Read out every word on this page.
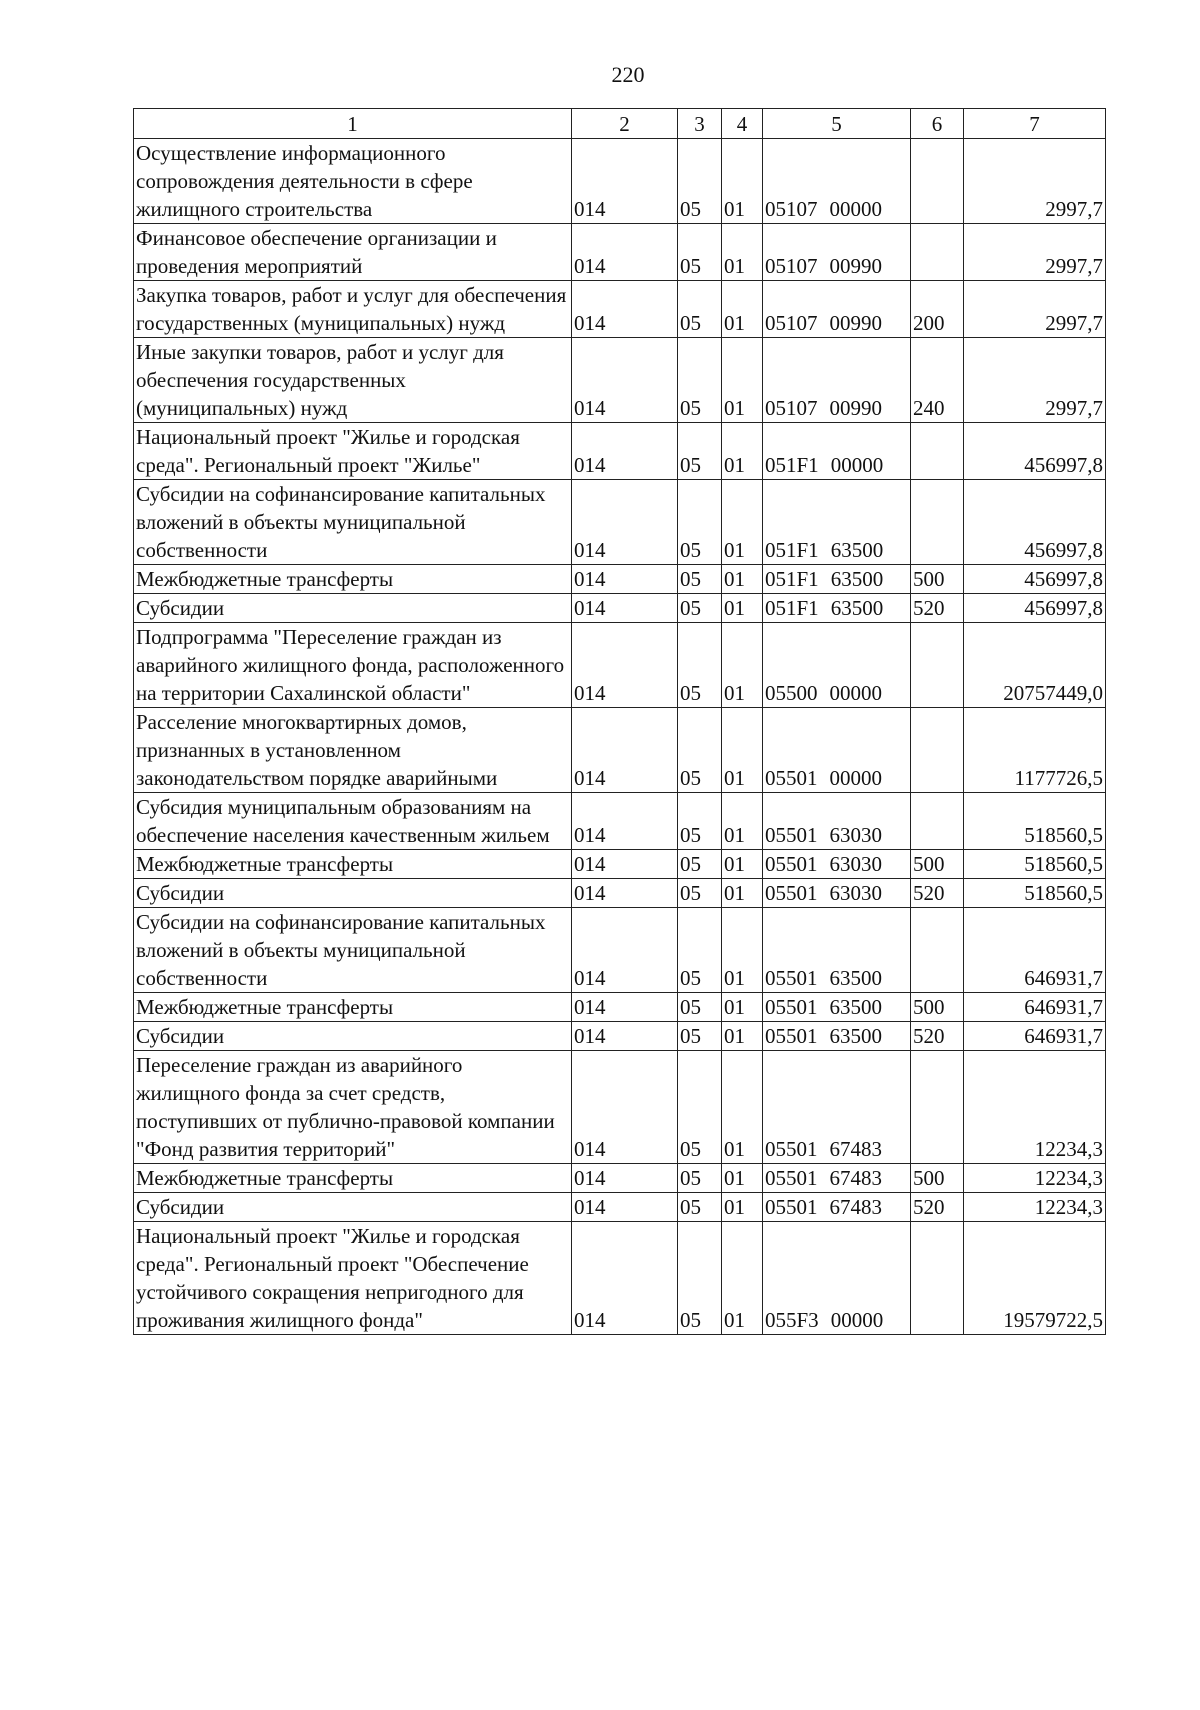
220
1	2	3	4	5	6	7
Осуществление информационного сопровождения деятельности в сфере жилищного строительства	014	05	01	05107 00000		2997,7
Финансовое обеспечение организации и проведения мероприятий	014	05	01	05107 00990		2997,7
Закупка товаров, работ и услуг для обеспечения государственных (муниципальных) нужд	014	05	01	05107 00990	200	2997,7
Иные закупки товаров, работ и услуг для обеспечения государственных (муниципальных) нужд	014	05	01	05107 00990	240	2997,7
Национальный проект "Жилье и городская среда". Региональный проект "Жилье"	014	05	01	051F1 00000		456997,8
Субсидии на софинансирование капитальных вложений в объекты муниципальной собственности	014	05	01	051F1 63500		456997,8
Межбюджетные трансферты	014	05	01	051F1 63500	500	456997,8
Субсидии	014	05	01	051F1 63500	520	456997,8
Подпрограмма "Переселение граждан из аварийного жилищного фонда, расположенного на территории Сахалинской области"	014	05	01	05500 00000		20757449,0
Расселение многоквартирных домов, признанных в установленном законодательством порядке аварийными	014	05	01	05501 00000		1177726,5
Субсидия муниципальным образованиям на обеспечение населения качественным жильем	014	05	01	05501 63030		518560,5
Межбюджетные трансферты	014	05	01	05501 63030	500	518560,5
Субсидии	014	05	01	05501 63030	520	518560,5
Субсидии на софинансирование капитальных вложений в объекты муниципальной собственности	014	05	01	05501 63500		646931,7
Межбюджетные трансферты	014	05	01	05501 63500	500	646931,7
Субсидии	014	05	01	05501 63500	520	646931,7
Переселение граждан из аварийного жилищного фонда за счет средств, поступивших от публично-правовой компании "Фонд развития территорий"	014	05	01	05501 67483		12234,3
Межбюджетные трансферты	014	05	01	05501 67483	500	12234,3
Субсидии	014	05	01	05501 67483	520	12234,3
Национальный проект "Жилье и городская среда". Региональный проект "Обеспечение устойчивого сокращения непригодного для проживания жилищного фонда"	014	05	01	055F3 00000		19579722,5
